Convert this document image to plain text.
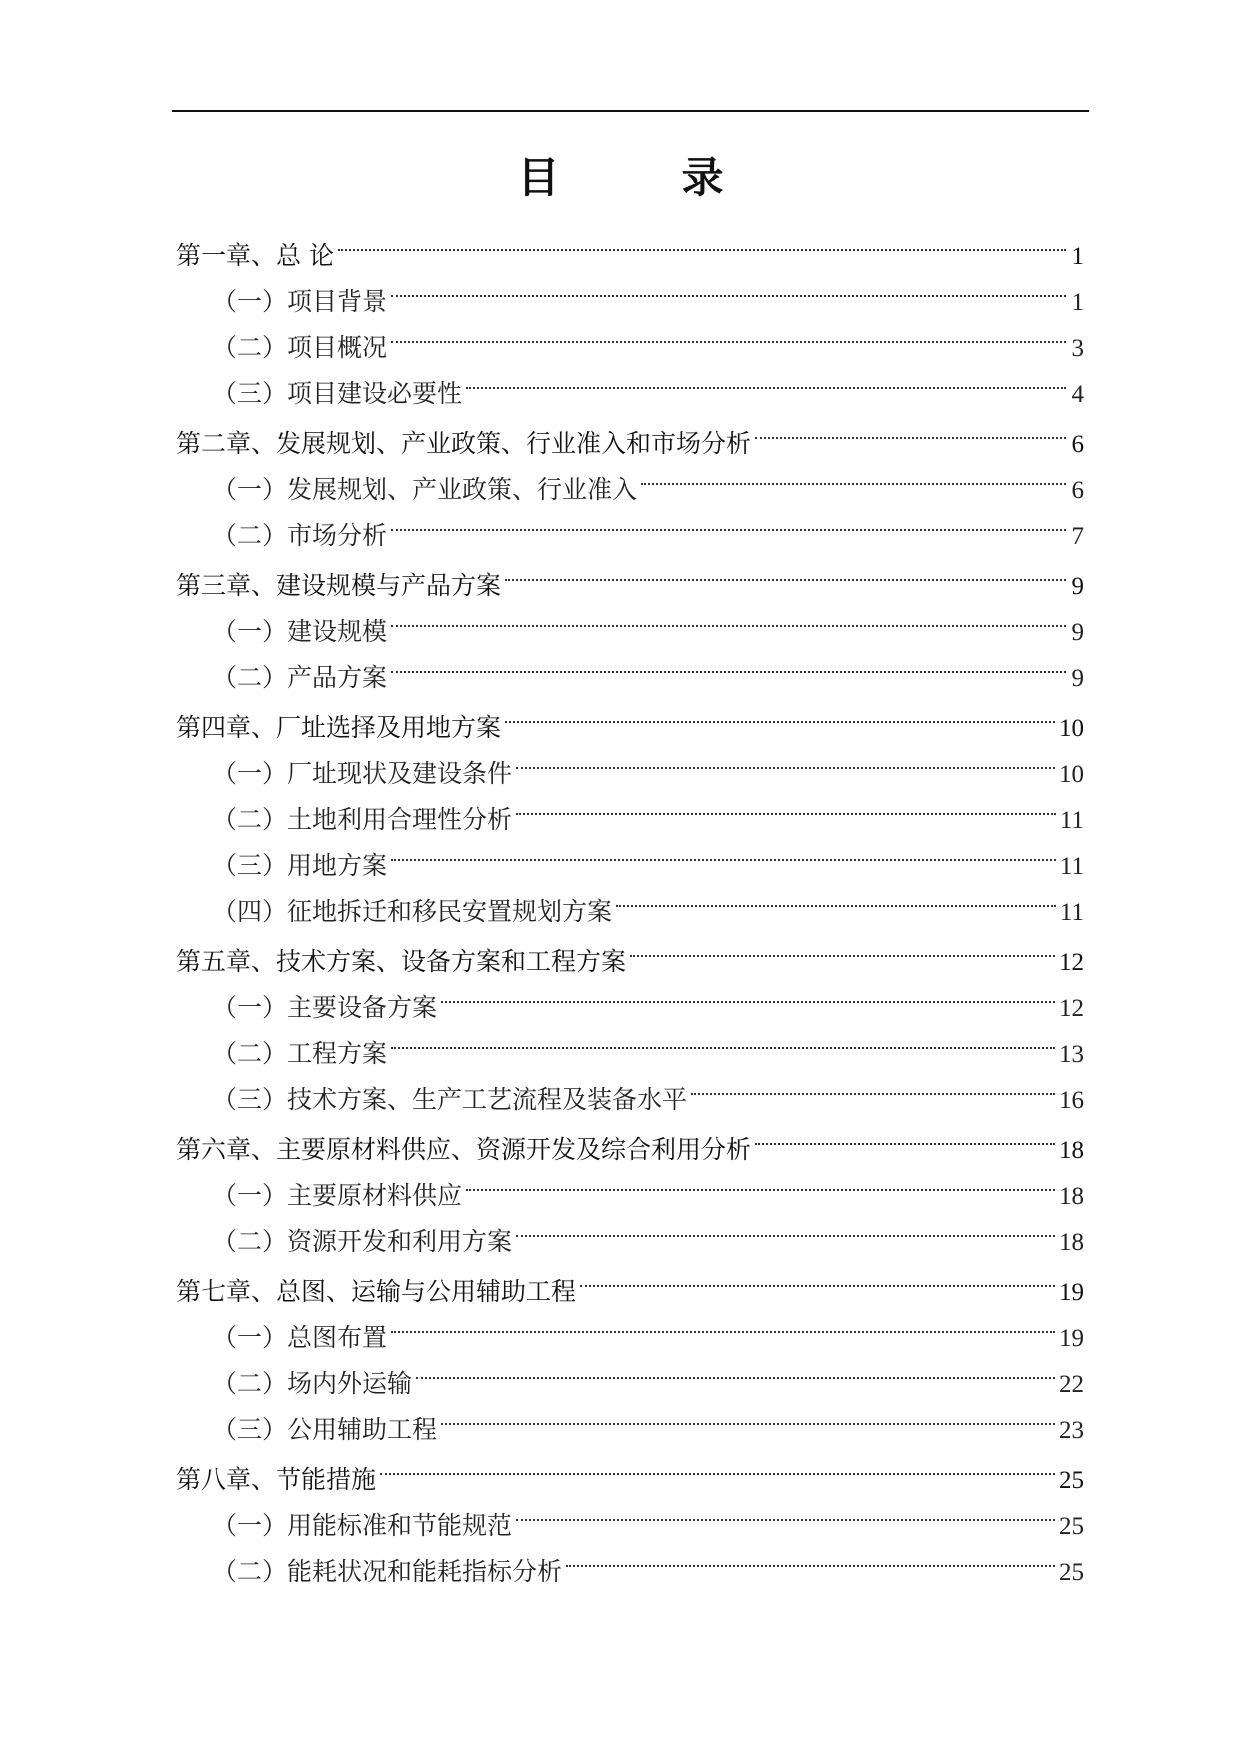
目　录
第一章、总 论	1
（一）项目背景	1
（二）项目概况	3
（三）项目建设必要性	4
第二章、发展规划、产业政策、行业准入和市场分析	6
（一）发展规划、产业政策、行业准入	6
（二）市场分析	7
第三章、建设规模与产品方案	9
（一）建设规模	9
（二）产品方案	9
第四章、厂址选择及用地方案	10
（一）厂址现状及建设条件	10
（二）土地利用合理性分析	11
（三）用地方案	11
（四）征地拆迁和移民安置规划方案	11
第五章、技术方案、设备方案和工程方案	12
（一）主要设备方案	12
（二）工程方案	13
（三）技术方案、生产工艺流程及装备水平	16
第六章、主要原材料供应、资源开发及综合利用分析	18
（一）主要原材料供应	18
（二）资源开发和利用方案	18
第七章、总图、运输与公用辅助工程	19
（一）总图布置	19
（二）场内外运输	22
（三）公用辅助工程	23
第八章、节能措施	25
（一）用能标准和节能规范	25
（二）能耗状况和能耗指标分析	25
